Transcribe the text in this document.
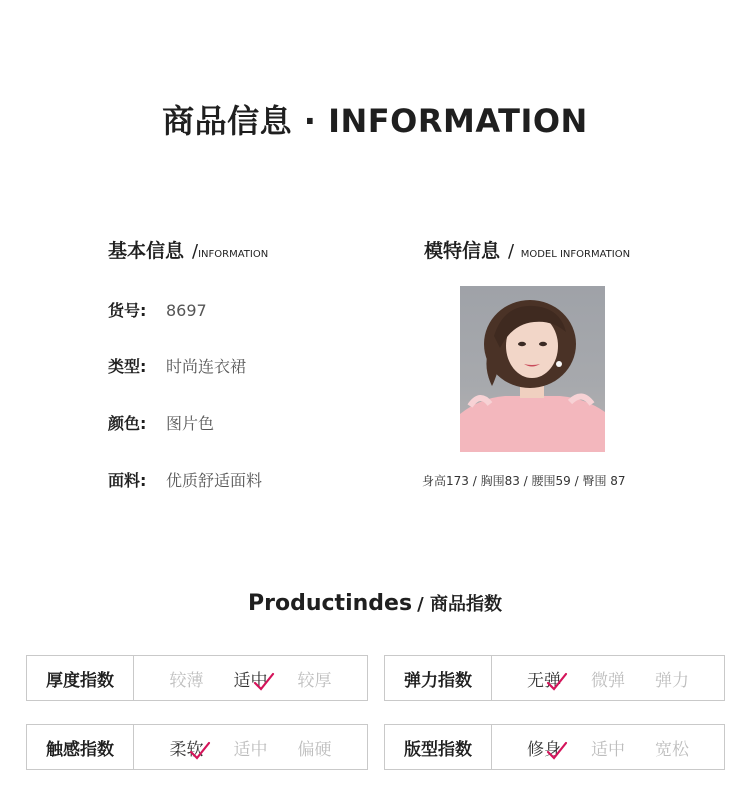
商品信息 · INFORMATION
基本信息 /INFORMATION
货号: 8697
类型: 时尚连衣裙
颜色: 图片色
面料: 优质舒适面料
模特信息 / MODEL INFORMATION
身高173 / 胸围83 / 腰围59 / 臀围 87
Productindes / 商品指数
厚度指数	较薄 适中 较厚	弹力指数	无弹 微弹 弹力
触感指数	柔软 适中 偏硬	版型指数	修身 适中 宽松
